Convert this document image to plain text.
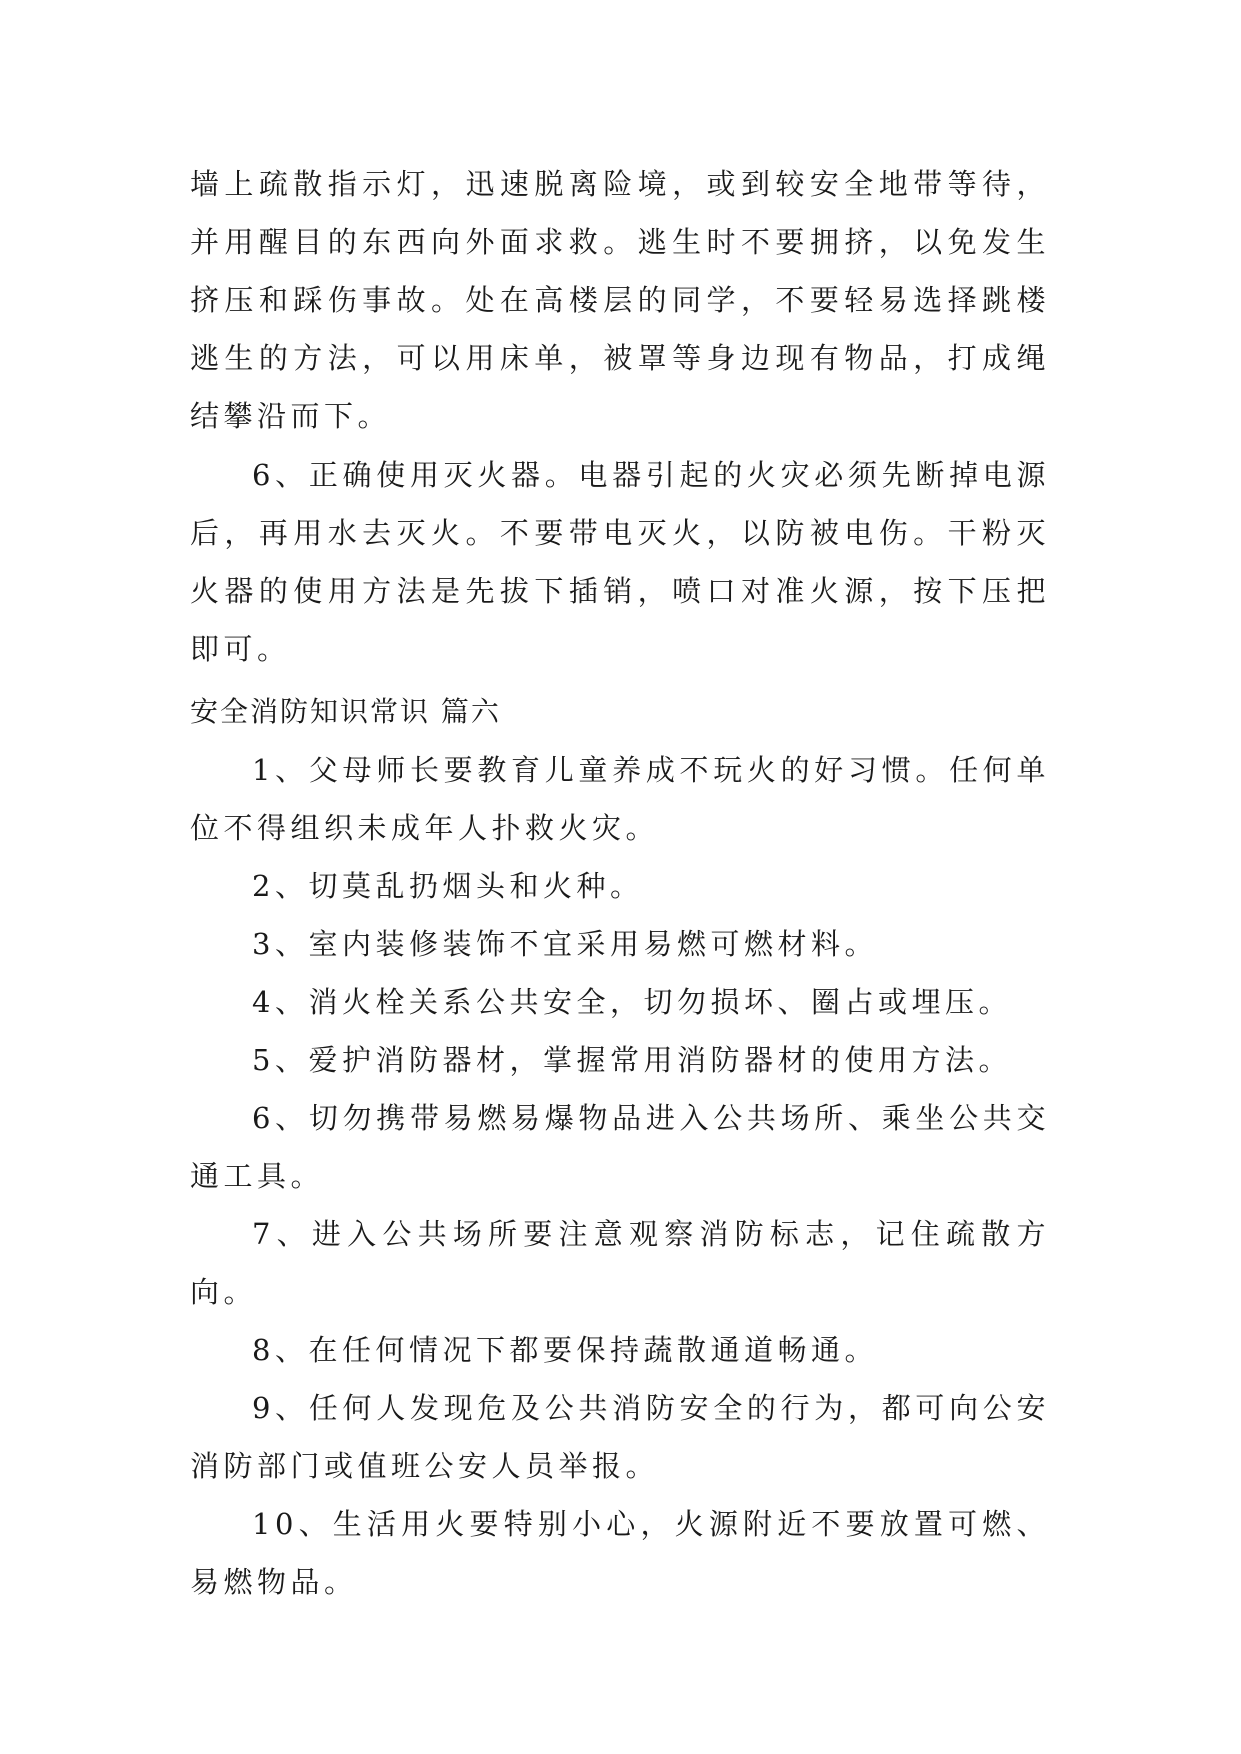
墙上疏散指示灯，迅速脱离险境，或到较安全地带等待，并用醒目的东西向外面求救。逃生时不要拥挤，以免发生挤压和踩伤事故。处在高楼层的同学，不要轻易选择跳楼逃生的方法，可以用床单，被罩等身边现有物品，打成绳结攀沿而下。

6、正确使用灭火器。电器引起的火灾必须先断掉电源后，再用水去灭火。不要带电灭火，以防被电伤。干粉灭火器的使用方法是先拔下插销，喷口对准火源，按下压把即可。

安全消防知识常识 篇六

1、父母师长要教育儿童养成不玩火的好习惯。任何单位不得组织未成年人扑救火灾。

2、切莫乱扔烟头和火种。

3、室内装修装饰不宜采用易燃可燃材料。

4、消火栓关系公共安全，切勿损坏、圈占或埋压。

5、爱护消防器材，掌握常用消防器材的使用方法。

6、切勿携带易燃易爆物品进入公共场所、乘坐公共交通工具。

7、进入公共场所要注意观察消防标志，记住疏散方向。

8、在任何情况下都要保持蔬散通道畅通。

9、任何人发现危及公共消防安全的行为，都可向公安消防部门或值班公安人员举报。

10、生活用火要特别小心，火源附近不要放置可燃、易燃物品。
